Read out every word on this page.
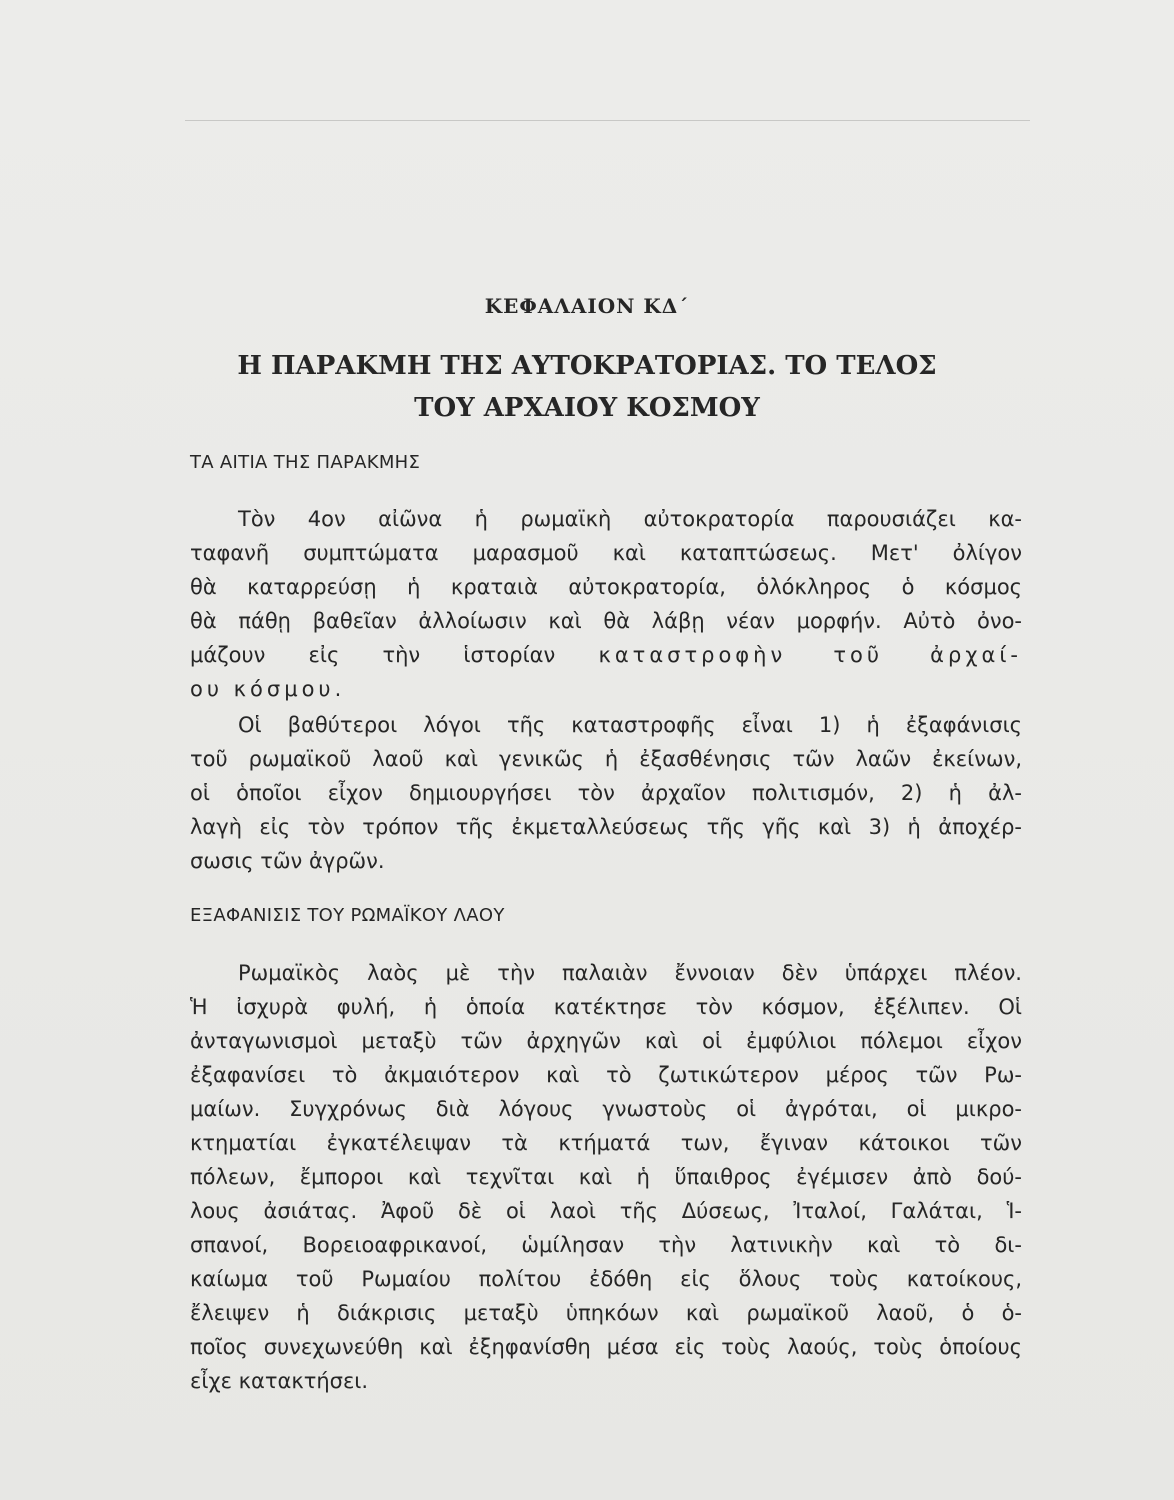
ΚΕΦΑΛΑΙΟΝ ΚΔ΄
Η ΠΑΡΑΚΜΗ ΤΗΣ ΑΥΤΟΚΡΑΤΟΡΙΑΣ. ΤΟ ΤΕΛΟΣ
ΤΟΥ ΑΡΧΑΙΟΥ ΚΟΣΜΟΥ
ΤΑ ΑΙΤΙΑ ΤΗΣ ΠΑΡΑΚΜΗΣ
Τὸν 4ον αἰῶνα ἡ ρωμαϊκὴ αὐτοκρατορία παρουσιάζει κα-
ταφανῆ συμπτώματα μαρασμοῦ καὶ καταπτώσεως. Μετ' ὀλίγον
θὰ καταρρεύσῃ ἡ κραταιὰ αὐτοκρατορία, ὁλόκληρος ὁ κόσμος
θὰ πάθῃ βαθεῖαν ἀλλοίωσιν καὶ θὰ λάβῃ νέαν μορφήν. Αὐτὸ ὀνο-
μάζουν εἰς τὴν ἱστορίαν καταστροφὴν τοῦ ἀρχαί-
ου κόσμου.
Οἱ βαθύτεροι λόγοι τῆς καταστροφῆς εἶναι 1) ἡ ἐξαφάνισις
τοῦ ρωμαϊκοῦ λαοῦ καὶ γενικῶς ἡ ἐξασθένησις τῶν λαῶν ἐκείνων,
οἱ ὁποῖοι εἶχον δημιουργήσει τὸν ἀρχαῖον πολιτισμόν, 2) ἡ ἀλ-
λαγὴ εἰς τὸν τρόπον τῆς ἐκμεταλλεύσεως τῆς γῆς καὶ 3) ἡ ἀποχέρ-
σωσις τῶν ἀγρῶν.
ΕΞΑΦΑΝΙΣΙΣ ΤΟΥ ΡΩΜΑΪΚΟΥ ΛΑΟΥ
Ρωμαϊκὸς λαὸς μὲ τὴν παλαιὰν ἔννοιαν δὲν ὑπάρχει πλέον.
Ἡ ἰσχυρὰ φυλή, ἡ ὁποία κατέκτησε τὸν κόσμον, ἐξέλιπεν. Οἱ
ἀνταγωνισμοὶ μεταξὺ τῶν ἀρχηγῶν καὶ οἱ ἐμφύλιοι πόλεμοι εἶχον
ἐξαφανίσει τὸ ἀκμαιότερον καὶ τὸ ζωτικώτερον μέρος τῶν Ρω-
μαίων. Συγχρόνως διὰ λόγους γνωστοὺς οἱ ἀγρόται, οἱ μικρο-
κτηματίαι ἐγκατέλειψαν τὰ κτήματά των, ἔγιναν κάτοικοι τῶν
πόλεων, ἔμποροι καὶ τεχνῖται καὶ ἡ ὕπαιθρος ἐγέμισεν ἀπὸ δού-
λους ἀσιάτας. Ἀφοῦ δὲ οἱ λαοὶ τῆς Δύσεως, Ἰταλοί, Γαλάται, Ἱ-
σπανοί, Βορειοαφρικανοί, ὡμίλησαν τὴν λατινικὴν καὶ τὸ δι-
καίωμα τοῦ Ρωμαίου πολίτου ἐδόθη εἰς ὅλους τοὺς κατοίκους,
ἔλειψεν ἡ διάκρισις μεταξὺ ὑπηκόων καὶ ρωμαϊκοῦ λαοῦ, ὁ ὁ-
ποῖος συνεχωνεύθη καὶ ἐξηφανίσθη μέσα εἰς τοὺς λαούς, τοὺς ὁποίους
εἶχε κατακτήσει.
